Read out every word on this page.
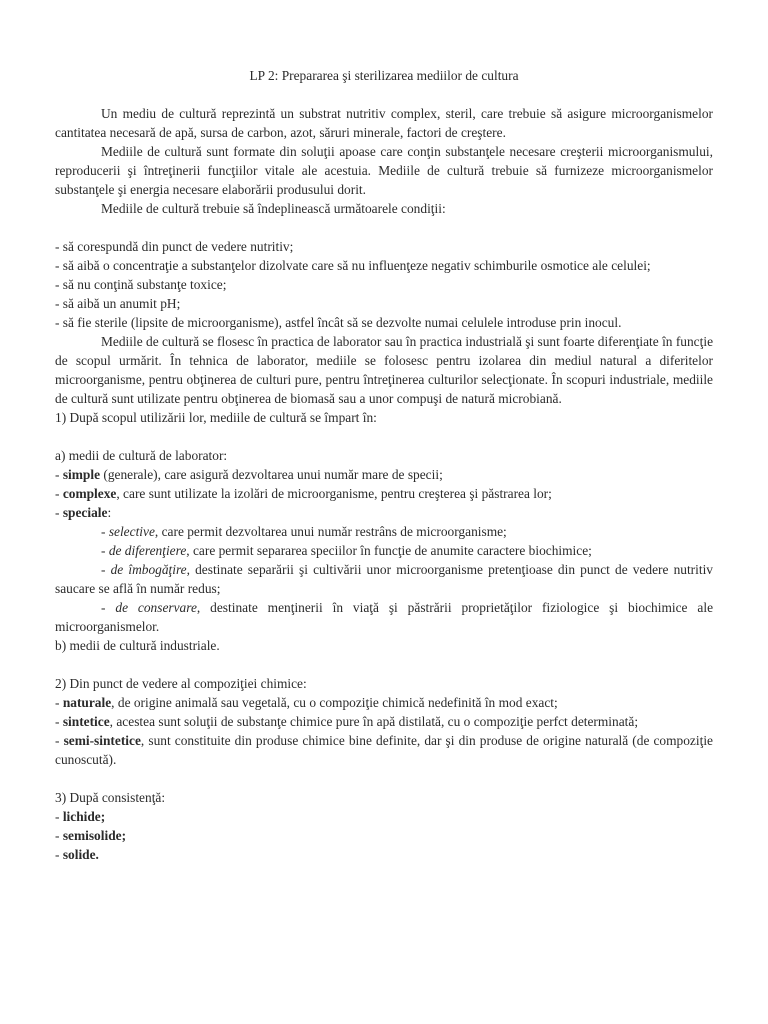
LP 2: Prepararea şi sterilizarea mediilor de cultura

Un mediu de cultură reprezintă un substrat nutritiv complex, steril, care trebuie să asigure microorganismelor cantitatea necesară de apă, sursa de carbon, azot, săruri minerale, factori de creştere.

Mediile de cultură sunt formate din soluţii apoase care conţin substanţele necesare creşterii microorganismului, reproducerii şi întreţinerii funcţiilor vitale ale acestuia. Mediile de cultură trebuie să furnizeze microorganismelor substanţele şi energia necesare elaborării produsului dorit.

Mediile de cultură trebuie să îndeplinească următoarele condiţii:

- să corespundă din punct de vedere nutritiv;

- să aibă o concentraţie a substanţelor dizolvate care să nu influenţeze negativ schimburile osmotice ale celulei;

- să nu conţină substanţe toxice;

- să aibă un anumit pH;

- să fie sterile (lipsite de microorganisme), astfel încât să se dezvolte numai celulele introduse prin inocul.

Mediile de cultură se flosesc în practica de laborator sau în practica industrială şi sunt foarte diferenţiate în funcţie de scopul urmărit. În tehnica de laborator, mediile se folosesc pentru izolarea din mediul natural a diferitelor microorganisme, pentru obţinerea de culturi pure, pentru întreţinerea culturilor selecţionate. În scopuri industriale, mediile de cultură sunt utilizate pentru obţinerea de biomasă sau a unor compuşi de natură microbiană.

1) După scopul utilizării lor, mediile de cultură se împart în:

a) medii de cultură de laborator:

- simple (generale), care asigură dezvoltarea unui număr mare de specii;

- complexe, care sunt utilizate la izolări de microorganisme, pentru creşterea şi păstrarea lor;

- speciale:

- selective, care permit dezvoltarea unui număr restrâns de microorganisme;

- de diferenţiere, care permit separarea speciilor în funcţie de anumite caractere biochimice;

- de îmbogăţire, destinate separării şi cultivării unor microorganisme pretenţioase din punct de vedere nutritiv saucare se află în număr redus;

- de conservare, destinate menţinerii în viaţă şi păstrării proprietăţilor fiziologice şi biochimice ale microorganismelor.

b) medii de cultură industriale.

2) Din punct de vedere al compoziţiei chimice:

- naturale, de origine animală sau vegetală, cu o compoziţie chimică nedefinită în mod exact;

- sintetice, acestea sunt soluţii de substanţe chimice pure în apă distilată, cu o compoziţie perfct determinată;

- semi-sintetice, sunt constituite din produse chimice bine definite, dar şi din produse de origine naturală (de compoziţie cunoscută).

3) După consistenţă:

- lichide;

- semisolide;

- solide.
